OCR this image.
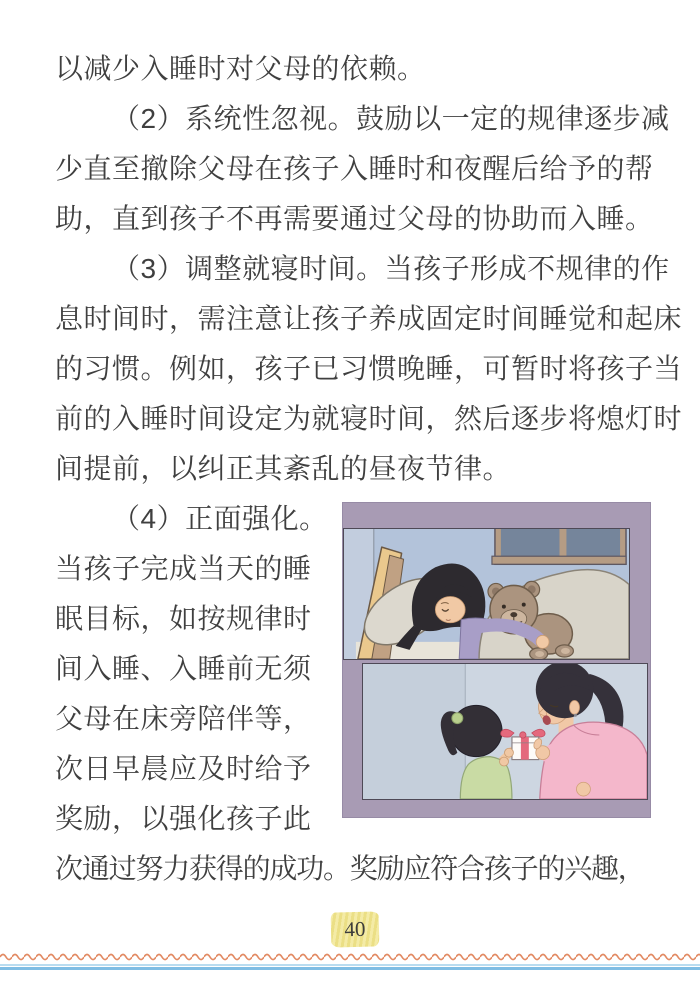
以减少入睡时对父母的依赖。
（2）系统性忽视。鼓励以一定的规律逐步减
少直至撤除父母在孩子入睡时和夜醒后给予的帮
助，直到孩子不再需要通过父母的协助而入睡。
（3）调整就寝时间。当孩子形成不规律的作
息时间时，需注意让孩子养成固定时间睡觉和起床
的习惯。例如，孩子已习惯晚睡，可暂时将孩子当
前的入睡时间设定为就寝时间，然后逐步将熄灯时
间提前，以纠正其紊乱的昼夜节律。
（4）正面强化。
当孩子完成当天的睡
眠目标，如按规律时
间入睡、入睡前无须
父母在床旁陪伴等，
次日早晨应及时给予
奖励，以强化孩子此
次通过努力获得的成功。奖励应符合孩子的兴趣，
40
